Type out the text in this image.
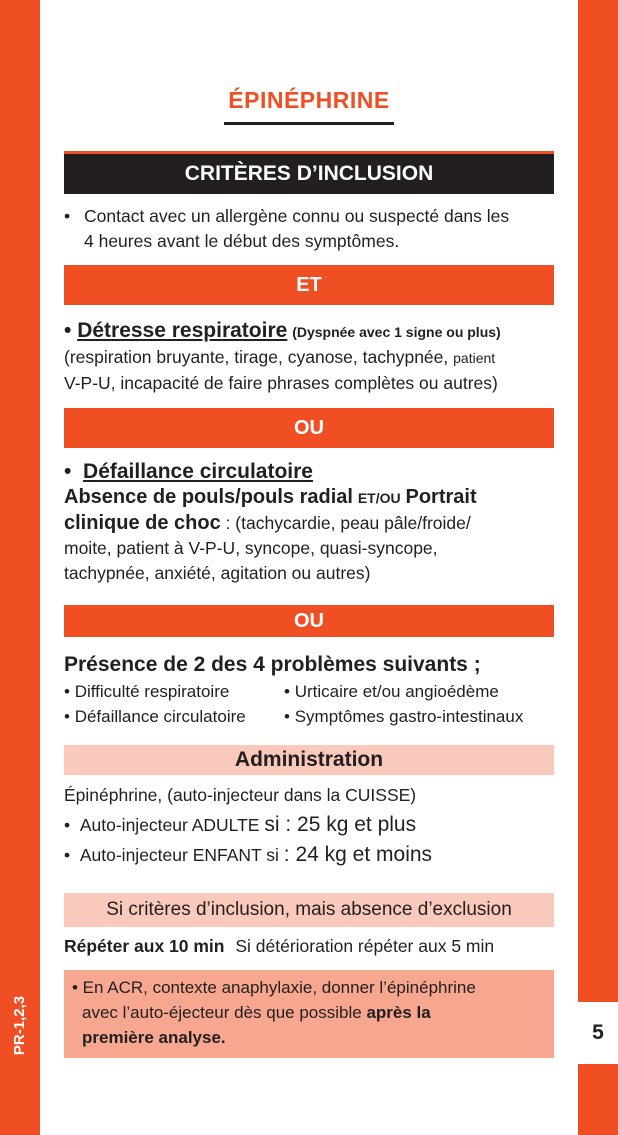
PR-1,2,3	5
ÉPINÉPHRINE
CRITÈRES D’INCLUSION
• Contact avec un allergène connu ou suspecté dans les
4 heures avant le début des symptômes.
ET
• Détresse respiratoire (Dyspnée avec 1 signe ou plus)
(respiration bruyante, tirage, cyanose, tachypnée, patient
V-P-U, incapacité de faire phrases complètes ou autres)
OU
•  Défaillance circulatoire
Absence de pouls/pouls radial ET/OU Portrait
clinique de choc : (tachycardie, peau pâle/froide/
moite, patient à V-P-U, syncope, quasi-syncope,
tachypnée, anxiété, agitation ou autres)
OU
Présence de 2 des 4 problèmes suivants ;
• Difficulté respiratoire	• Urticaire et/ou angioédème
• Défaillance circulatoire	• Symptômes gastro-intestinaux
Administration
Épinéphrine, (auto-injecteur dans la CUISSE)
•  Auto-injecteur ADULTE si : 25 kg et plus
•  Auto-injecteur ENFANT si : 24 kg et moins
Si critères d’inclusion, mais absence d’exclusion
Répéter aux 10 min Si détérioration répéter aux 5 min
• En ACR, contexte anaphylaxie, donner l’épinéphrine
avec l’auto-éjecteur dès que possible après la
première analyse.
